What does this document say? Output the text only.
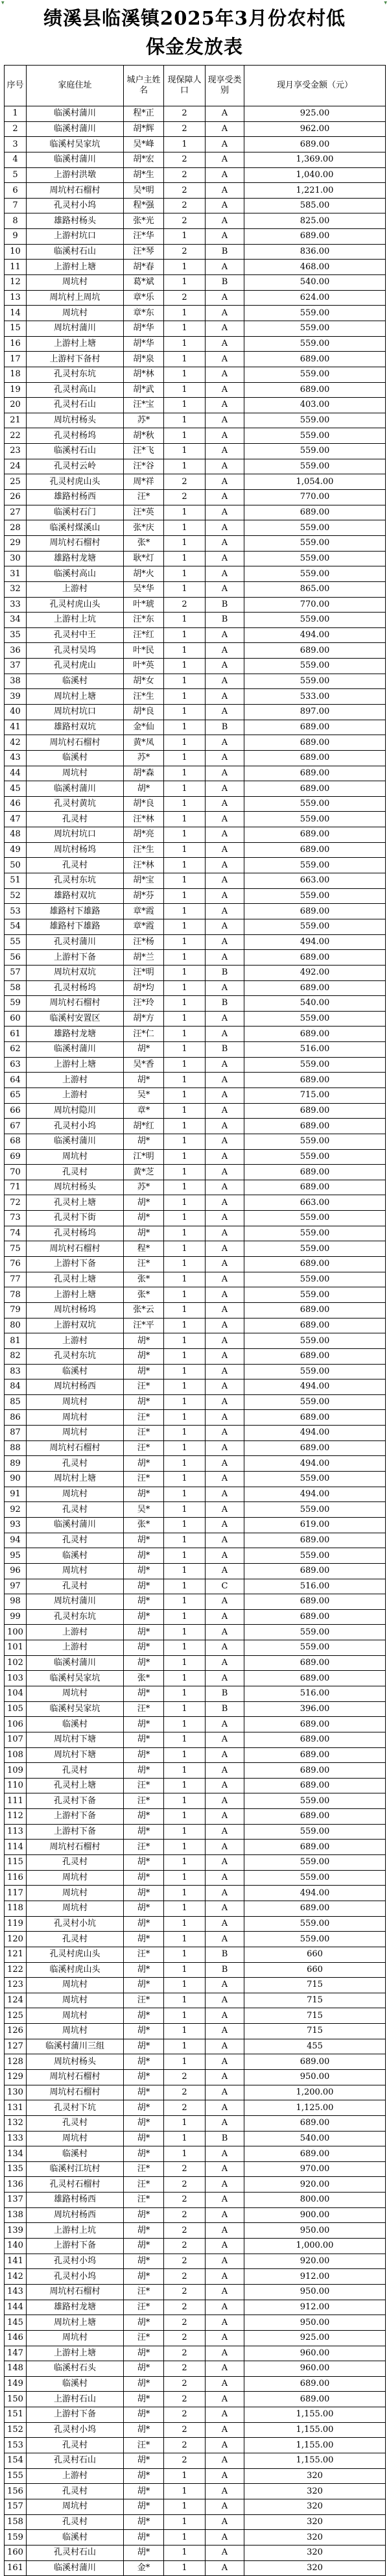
▼	▼
绩溪县临溪镇2025年3月份农村低
保金发放表
序号	家庭住址	城户主姓名	现保障人口	现享受类别	现月享受金额（元）
1	临溪村蒲川	程*正	2	A	925.00
2	临溪村蒲川	胡*辉	2	A	962.00
3	临溪村吴家坑	吴*峰	1	A	689.00
4	临溪村蒲川	胡*宏	2	A	1,369.00
5	上游村洪墩	胡*生	2	A	1,040.00
6	周坑村石榴村	吴*明	2	A	1,221.00
7	孔灵村小坞	程*强	2	A	585.00
8	雄路村杨头	张*光	2	A	825.00
9	上游村坑口	汪*华	1	A	689.00
10	临溪村石山	汪*琴	2	B	836.00
11	上游村上塘	胡*春	1	A	468.00
12	周坑村	葛*斌	1	B	540.00
13	周坑村上周坑	章*乐	2	A	624.00
14	周坑村	章*东	1	A	559.00
15	周坑村蒲川	胡*华	1	A	559.00
16	上游村上塘	胡*华	1	A	559.00
17	上游村下备村	胡*泉	1	A	689.00
18	孔灵村东坑	胡*林	1	A	559.00
19	孔灵村高山	胡*武	1	A	689.00
20	孔灵村石山	汪*宝	1	A	403.00
21	周坑村杨头	苏*	1	A	559.00
22	孔灵村杨坞	胡*秋	1	A	559.00
23	临溪村石山	汪*飞	1	A	559.00
24	孔灵村云岭	汪*谷	1	A	559.00
25	孔灵村虎山头	周*祥	2	A	1,054.00
26	雄路村杨西	汪*	2	A	770.00
27	临溪村石门	汪*英	1	A	689.00
28	临溪村煤溪山	张*庆	1	A	559.00
29	周坑村石榴村	张*	1	A	559.00
30	雄路村龙塘	耿*灯	1	A	559.00
31	临溪村高山	胡*火	1	A	559.00
32	上游村	吴*华	1	A	865.00
33	孔灵村虎山头	叶*琥	2	B	770.00
34	上游村上坑	汪*东	1	B	559.00
35	孔灵村中王	汪*红	1	A	494.00
36	孔灵村吴坞	叶*民	1	A	689.00
37	孔灵村虎山	叶*英	1	A	559.00
38	临溪村	胡*女	1	A	559.00
39	周坑村上塘	汪*生	1	A	533.00
40	周坑村坑口	胡*良	1	A	897.00
41	雄路村双坑	金*仙	1	B	689.00
42	周坑村石榴村	黄*凤	1	A	689.00
43	临溪村	苏*	1	A	689.00
44	周坑村	胡*森	1	A	689.00
45	临溪村蒲川	胡*	1	A	689.00
46	孔灵村黄坑	胡*良	1	A	559.00
47	孔灵村	汪*林	1	A	559.00
48	周坑村坑口	胡*亮	1	A	689.00
49	周坑村杨坞	汪*生	1	A	689.00
50	孔灵村	汪*林	1	A	559.00
51	孔灵村东坑	胡*宝	1	A	663.00
52	雄路村双坑	胡*芬	1	A	559.00
53	雄路村下雄路	章*霞	1	A	689.00
54	雄路村下雄路	章*霞	1	A	559.00
55	孔灵村蒲川	汪*杨	1	A	494.00
56	上游村下备	胡*兰	1	A	689.00
57	周坑村双坑	汪*明	1	B	492.00
58	孔灵村杨坞	胡*均	1	A	689.00
59	周坑村石榴村	汪*玲	1	B	540.00
60	临溪村安置区	胡*方	1	A	559.00
61	雄路村龙塘	汪*仁	1	A	689.00
62	临溪村蒲川	胡*	1	B	516.00
63	上游村上塘	吴*香	1	A	559.00
64	上游村	胡*	1	A	689.00
65	上游村	吴*	1	A	715.00
66	周坑村隐川	章*	1	A	689.00
67	孔灵村小坞	胡*红	1	A	689.00
68	临溪村蒲川	胡*	1	A	559.00
69	周坑村	江*明	1	A	559.00
70	孔灵村	黄*芝	1	A	689.00
71	周坑村杨头	苏*	1	A	689.00
72	孔灵村上塘	胡*	1	A	663.00
73	孔灵村下街	胡*	1	A	559.00
74	孔灵村杨坞	胡*	1	A	559.00
75	周坑村石榴村	程*	1	A	559.00
76	上游村下备	汪*	1	A	689.00
77	孔灵村上塘	张*	1	A	559.00
78	上游村上塘	张*	1	A	559.00
79	周坑村杨坞	张*云	1	A	689.00
80	上游村双坑	汪*平	1	A	689.00
81	上游村	胡*	1	A	559.00
82	孔灵村东坑	胡*	1	A	689.00
83	临溪村	胡*	1	A	559.00
84	周坑村杨西	汪*	1	A	494.00
85	周坑村	胡*	1	A	559.00
86	周坑村	汪*	1	A	689.00
87	周坑村	汪*	1	A	494.00
88	周坑村石榴村	汪*	1	A	689.00
89	孔灵村	胡*	1	A	494.00
90	周坑村上塘	汪*	1	A	559.00
91	周坑村	胡*	1	A	494.00
92	孔灵村	吴*	1	A	559.00
93	临溪村蒲川	张*	1	A	619.00
94	孔灵村	胡*	1	A	689.00
95	临溪村	胡*	1	A	559.00
96	周坑村	胡*	1	A	689.00
97	孔灵村	胡*	1	C	516.00
98	周坑村蒲川	胡*	1	A	689.00
99	孔灵村东坑	胡*	1	A	689.00
100	上游村	胡*	1	A	559.00
101	上游村	胡*	1	A	559.00
102	临溪村蒲川	胡*	1	A	689.00
103	临溪村吴家坑	张*	1	A	689.00
104	周坑村	胡*	1	B	516.00
105	临溪村吴家坑	汪*	1	B	396.00
106	临溪村	胡*	1	A	689.00
107	周坑村下塘	胡*	1	A	689.00
108	周坑村下塘	胡*	1	A	689.00
109	孔灵村	胡*	1	A	689.00
110	孔灵村上塘	汪*	1	A	689.00
111	孔灵村下备	汪*	1	A	559.00
112	上游村下备	胡*	1	A	689.00
113	上游村下备	胡*	1	A	559.00
114	周坑村石榴村	汪*	1	A	689.00
115	孔灵村	胡*	1	A	559.00
116	周坑村	胡*	1	A	559.00
117	周坑村	胡*	1	A	494.00
118	周坑村	胡*	1	A	689.00
119	孔灵村小坑	胡*	1	A	559.00
120	孔灵村	胡*	1	A	559.00
121	孔灵村虎山头	汪*	1	B	660
122	临溪村虎山头	胡*	1	B	660
123	周坑村	胡*	1	A	715
124	周坑村	汪*	1	A	715
125	周坑村	胡*	1	A	715
126	周坑村	胡*	1	A	715
127	临溪村蒲川三组	胡*	1	A	455
128	周坑村杨头	胡*	1	A	689.00
129	周坑村石榴村	胡*	2	A	950.00
130	周坑村石榴村	胡*	2	A	1,200.00
131	孔灵村下坑	胡*	2	A	1,125.00
132	孔灵村	胡*	1	A	689.00
133	周坑村	胡*	1	B	540.00
134	临溪村	胡*	1	A	689.00
135	临溪村江坑村	汪*	2	A	970.00
136	孔灵村石榴村	汪*	2	A	920.00
137	雄路村杨西	汪*	2	A	800.00
138	周坑村杨西	胡*	2	A	900.00
139	上游村上坑	胡*	2	A	950.00
140	上游村下备	胡*	2	A	1,000.00
141	孔灵村小坞	胡*	2	A	920.00
142	孔灵村小坞	胡*	2	A	912.00
143	周坑村石榴村	汪*	2	A	950.00
144	雄路村龙塘	汪*	2	A	912.00
145	周坑村上塘	胡*	2	A	950.00
146	周坑村	汪*	2	A	925.00
147	上游村上塘	胡*	2	A	960.00
148	临溪村石头	胡*	2	A	960.00
149	临溪村	胡*	2	A	689.00
150	上游村石山	胡*	2	A	689.00
151	上游村下备	胡*	2	A	1,155.00
152	孔灵村小坞	胡*	2	A	1,155.00
153	孔灵村	汪*	2	A	1,155.00
154	孔灵村石山	胡*	2	A	1,155.00
155	上游村	胡*	1	A	320
156	孔灵村	胡*	1	A	320
157	周坑村	胡*	1	A	320
158	孔灵村	胡*	1	A	320
159	临溪村	胡*	1	A	320
160	孔灵村石山	胡*	1	A	320
161	临溪村蒲川	金*	1	A	320
